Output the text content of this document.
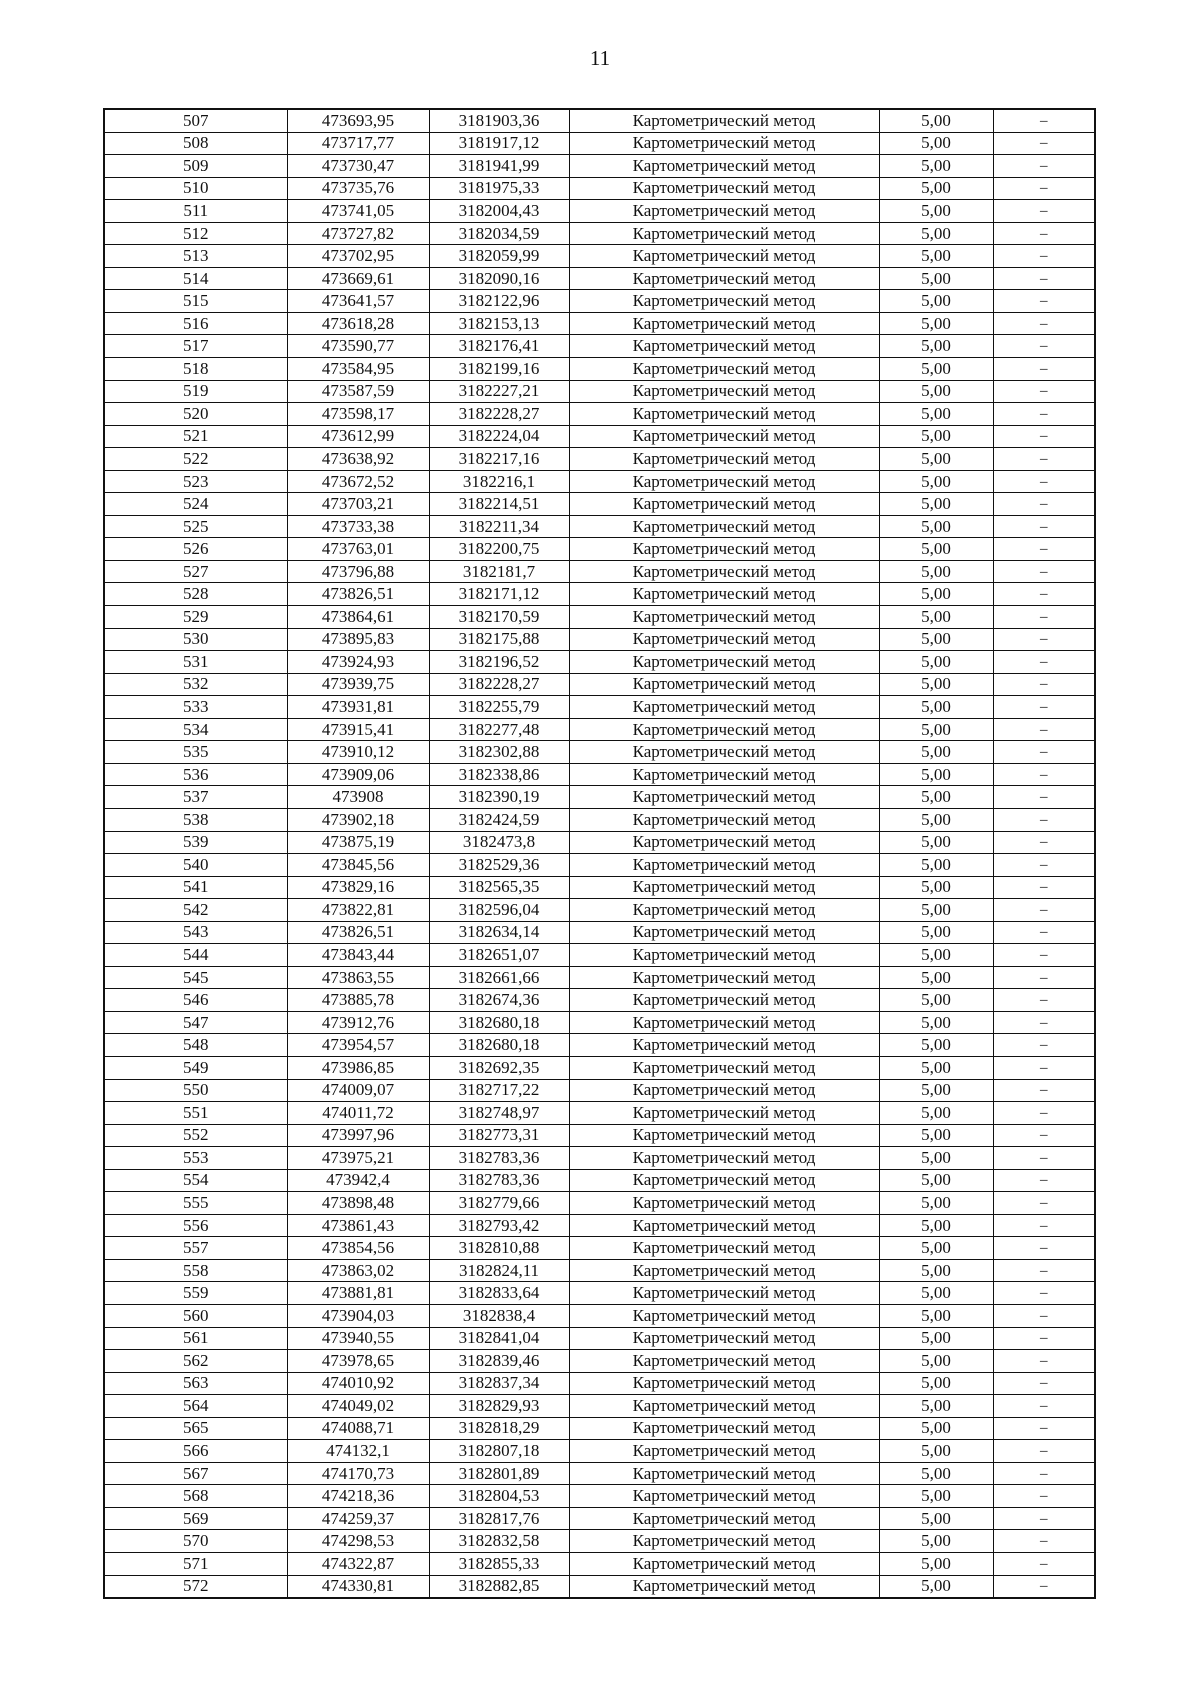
11
507	473693,95	3181903,36	Картометрический метод	5,00	–
508	473717,77	3181917,12	Картометрический метод	5,00	–
509	473730,47	3181941,99	Картометрический метод	5,00	–
510	473735,76	3181975,33	Картометрический метод	5,00	–
511	473741,05	3182004,43	Картометрический метод	5,00	–
512	473727,82	3182034,59	Картометрический метод	5,00	–
513	473702,95	3182059,99	Картометрический метод	5,00	–
514	473669,61	3182090,16	Картометрический метод	5,00	–
515	473641,57	3182122,96	Картометрический метод	5,00	–
516	473618,28	3182153,13	Картометрический метод	5,00	–
517	473590,77	3182176,41	Картометрический метод	5,00	–
518	473584,95	3182199,16	Картометрический метод	5,00	–
519	473587,59	3182227,21	Картометрический метод	5,00	–
520	473598,17	3182228,27	Картометрический метод	5,00	–
521	473612,99	3182224,04	Картометрический метод	5,00	–
522	473638,92	3182217,16	Картометрический метод	5,00	–
523	473672,52	3182216,1	Картометрический метод	5,00	–
524	473703,21	3182214,51	Картометрический метод	5,00	–
525	473733,38	3182211,34	Картометрический метод	5,00	–
526	473763,01	3182200,75	Картометрический метод	5,00	–
527	473796,88	3182181,7	Картометрический метод	5,00	–
528	473826,51	3182171,12	Картометрический метод	5,00	–
529	473864,61	3182170,59	Картометрический метод	5,00	–
530	473895,83	3182175,88	Картометрический метод	5,00	–
531	473924,93	3182196,52	Картометрический метод	5,00	–
532	473939,75	3182228,27	Картометрический метод	5,00	–
533	473931,81	3182255,79	Картометрический метод	5,00	–
534	473915,41	3182277,48	Картометрический метод	5,00	–
535	473910,12	3182302,88	Картометрический метод	5,00	–
536	473909,06	3182338,86	Картометрический метод	5,00	–
537	473908	3182390,19	Картометрический метод	5,00	–
538	473902,18	3182424,59	Картометрический метод	5,00	–
539	473875,19	3182473,8	Картометрический метод	5,00	–
540	473845,56	3182529,36	Картометрический метод	5,00	–
541	473829,16	3182565,35	Картометрический метод	5,00	–
542	473822,81	3182596,04	Картометрический метод	5,00	–
543	473826,51	3182634,14	Картометрический метод	5,00	–
544	473843,44	3182651,07	Картометрический метод	5,00	–
545	473863,55	3182661,66	Картометрический метод	5,00	–
546	473885,78	3182674,36	Картометрический метод	5,00	–
547	473912,76	3182680,18	Картометрический метод	5,00	–
548	473954,57	3182680,18	Картометрический метод	5,00	–
549	473986,85	3182692,35	Картометрический метод	5,00	–
550	474009,07	3182717,22	Картометрический метод	5,00	–
551	474011,72	3182748,97	Картометрический метод	5,00	–
552	473997,96	3182773,31	Картометрический метод	5,00	–
553	473975,21	3182783,36	Картометрический метод	5,00	–
554	473942,4	3182783,36	Картометрический метод	5,00	–
555	473898,48	3182779,66	Картометрический метод	5,00	–
556	473861,43	3182793,42	Картометрический метод	5,00	–
557	473854,56	3182810,88	Картометрический метод	5,00	–
558	473863,02	3182824,11	Картометрический метод	5,00	–
559	473881,81	3182833,64	Картометрический метод	5,00	–
560	473904,03	3182838,4	Картометрический метод	5,00	–
561	473940,55	3182841,04	Картометрический метод	5,00	–
562	473978,65	3182839,46	Картометрический метод	5,00	–
563	474010,92	3182837,34	Картометрический метод	5,00	–
564	474049,02	3182829,93	Картометрический метод	5,00	–
565	474088,71	3182818,29	Картометрический метод	5,00	–
566	474132,1	3182807,18	Картометрический метод	5,00	–
567	474170,73	3182801,89	Картометрический метод	5,00	–
568	474218,36	3182804,53	Картометрический метод	5,00	–
569	474259,37	3182817,76	Картометрический метод	5,00	–
570	474298,53	3182832,58	Картометрический метод	5,00	–
571	474322,87	3182855,33	Картометрический метод	5,00	–
572	474330,81	3182882,85	Картометрический метод	5,00	–
